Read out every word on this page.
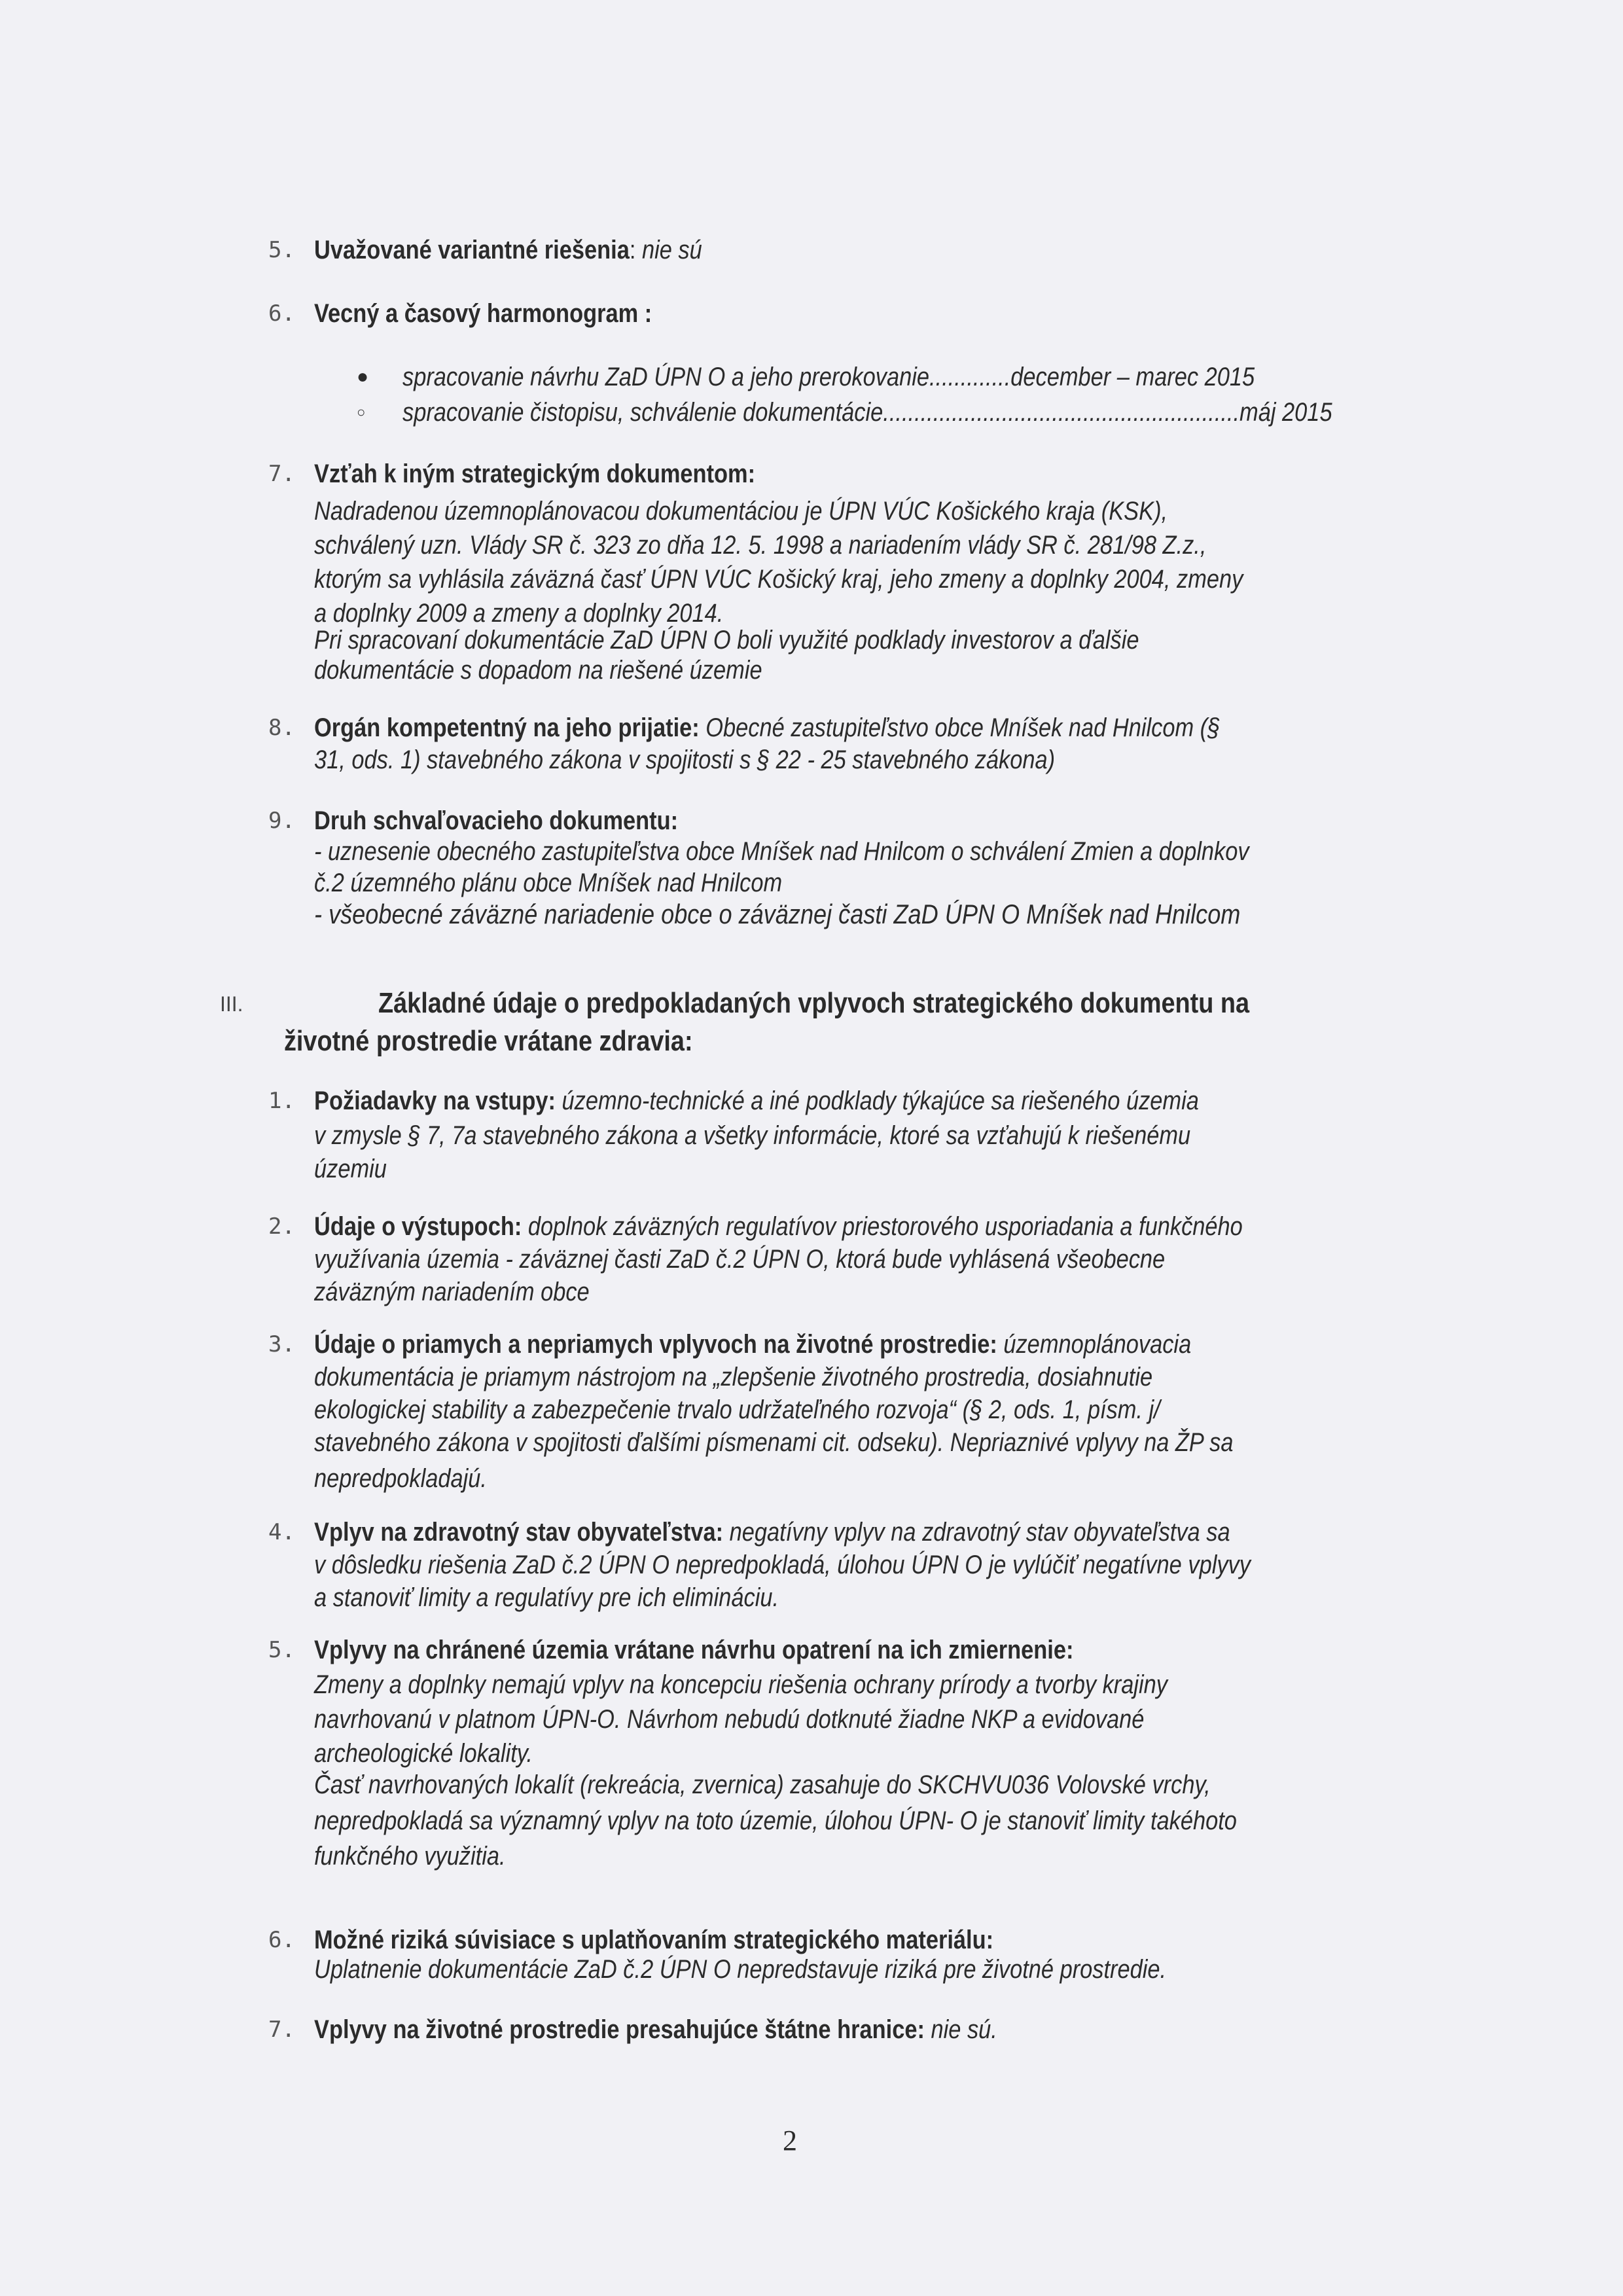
5. Uvažované variantné riešenia: nie sú
6. Vecný a časový harmonogram :
● spracovanie návrhu ZaD ÚPN O a jeho prerokovanie.............december – marec 2015
○ spracovanie čistopisu, schválenie dokumentácie.........................................................máj 2015
7. Vzťah k iným strategickým dokumentom:
Nadradenou územnoplánovacou dokumentáciou je ÚPN VÚC Košického kraja (KSK),
schválený uzn. Vlády SR č. 323 zo dňa 12. 5. 1998 a nariadením vlády SR č. 281/98 Z.z.,
ktorým sa vyhlásila záväzná časť ÚPN VÚC Košický kraj, jeho zmeny a doplnky 2004, zmeny
a doplnky 2009 a zmeny a doplnky 2014.
Pri spracovaní dokumentácie ZaD ÚPN O boli využité podklady investorov a ďalšie
dokumentácie s dopadom na riešené územie
8. Orgán kompetentný na jeho prijatie: Obecné zastupiteľstvo obce Mníšek nad Hnilcom (§
31, ods. 1) stavebného zákona v spojitosti s § 22 - 25 stavebného zákona)
9. Druh schvaľovacieho dokumentu:
- uznesenie obecného zastupiteľstva obce Mníšek nad Hnilcom o schválení Zmien a doplnkov
č.2 územného plánu obce Mníšek nad Hnilcom
- všeobecné záväzné nariadenie obce o záväznej časti ZaD ÚPN O Mníšek nad Hnilcom
III.	Základné údaje o predpokladaných vplyvoch strategického dokumentu na
životné prostredie vrátane zdravia:
1. Požiadavky na vstupy: územno-technické a iné podklady týkajúce sa riešeného územia
v zmysle § 7, 7a stavebného zákona a všetky informácie, ktoré sa vzťahujú k riešenému
územiu
2. Údaje o výstupoch: doplnok záväzných regulatívov priestorového usporiadania a funkčného
využívania územia - záväznej časti ZaD č.2 ÚPN O, ktorá bude vyhlásená všeobecne
záväzným nariadením obce
3. Údaje o priamych a nepriamych vplyvoch na životné prostredie: územnoplánovacia
dokumentácia je priamym nástrojom na „zlepšenie životného prostredia, dosiahnutie
ekologickej stability a zabezpečenie trvalo udržateľného rozvoja“ (§ 2, ods. 1, písm. j/
stavebného zákona v spojitosti ďalšími písmenami cit. odseku). Nepriaznivé vplyvy na ŽP sa
nepredpokladajú.
4. Vplyv na zdravotný stav obyvateľstva: negatívny vplyv na zdravotný stav obyvateľstva sa
v dôsledku riešenia ZaD č.2 ÚPN O nepredpokladá, úlohou ÚPN O je vylúčiť negatívne vplyvy
a stanoviť limity a regulatívy pre ich elimináciu.
5. Vplyvy na chránené územia vrátane návrhu opatrení na ich zmiernenie:
Zmeny a doplnky nemajú vplyv na koncepciu riešenia ochrany prírody a tvorby krajiny
navrhovanú v platnom ÚPN-O. Návrhom nebudú dotknuté žiadne NKP a evidované
archeologické lokality.
Časť navrhovaných lokalít (rekreácia, zvernica) zasahuje do SKCHVU036 Volovské vrchy,
nepredpokladá sa významný vplyv na toto územie, úlohou ÚPN- O je stanoviť limity takéhoto
funkčného využitia.
6. Možné riziká súvisiace s uplatňovaním strategického materiálu:
Uplatnenie dokumentácie ZaD č.2 ÚPN O nepredstavuje riziká pre životné prostredie.
7. Vplyvy na životné prostredie presahujúce štátne hranice: nie sú.
2
